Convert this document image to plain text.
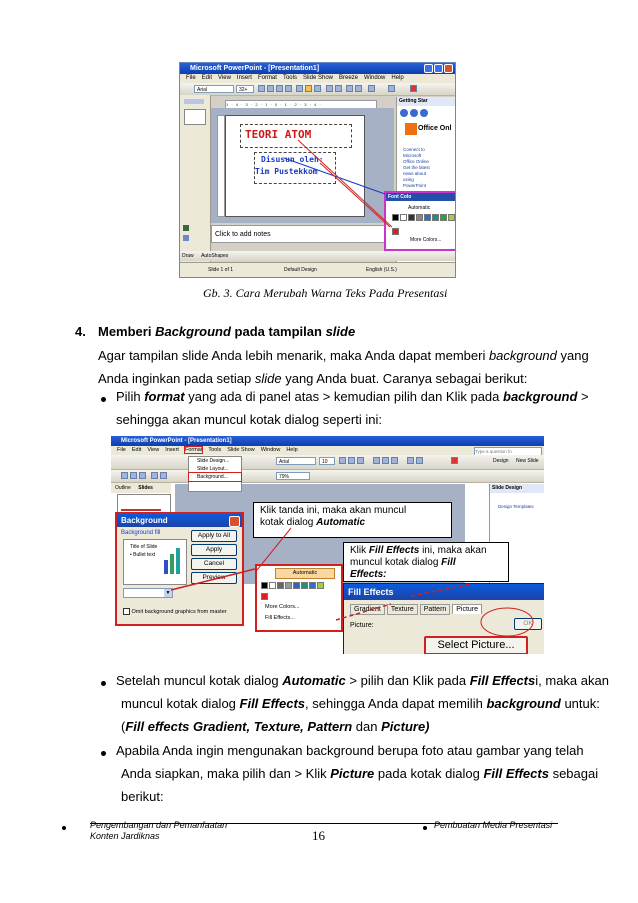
Microsoft PowerPoint - [Presentation1]
File Edit View Insert Format Tools Slide Show Breeze Window Help
Arial	32+
1 · 4 · 3 · 2 · 1 · 0 · 1 · 2 · 3 · 4 ·
TEORI ATOM
Disusun oleh:
Tim Pustekkom
Click to add notes
Getting Star
Office Onl
Connect to
Microsoft
Office Online
Get the latest
news about
using
PowerPoint
Font Colo
Automatic
More Colors...
Draw AutoShapes
Slide 1 of 1	Default Design	English (U.S.)
Gb. 3. Cara Merubah Warna Teks Pada Presentasi
4. Memberi Background pada tampilan slide
Agar tampilan slide Anda lebih menarik, maka Anda dapat memberi background yang
Anda inginkan pada setiap slide yang Anda buat. Caranya sebagai berikut:
Pilih format yang ada di panel atas > kemudian pilih dan Klik pada background >
sehingga akan muncul kotak dialog seperti ini:
Microsoft PowerPoint - [Presentation1]
File Edit View Insert Format Tools Slide Show Window Help	Type a question fo
Arial	10	Design New Slide
79%
Outline Slides	Slide Design
Design Templates
Slide Design...
Slide Layout...
Background...
Klik tanda ini, maka akan muncul
kotak dialog Automatic
Background
Background fill
Title of Slide
• Bullet text
▼
Apply to All
Apply
Cancel
Preview
Omit background graphics from master
Automatic
More Colors...
Fill Effects...
Klik Fill Effects ini, maka akan
muncul kotak dialog Fill
Effects:
Fill Effects
Gradient Texture Pattern Picture
Picture:	OK
Select Picture...
Setelah muncul kotak dialog Automatic > pilih dan Klik pada Fill Effectsi, maka akan
muncul kotak dialog Fill Effects, sehingga Anda dapat memilih background untuk:
(Fill effects Gradient, Texture, Pattern dan Picture)
Apabila Anda ingin mengunakan background berupa foto atau gambar yang telah
Anda siapkan, maka pilih dan > Klik Picture pada kotak dialog Fill Effects sebagai
berikut:
Pengembangan dan Pemanfaatan
Konten Jardiknas	16
Pembuatan Media Presentasi
